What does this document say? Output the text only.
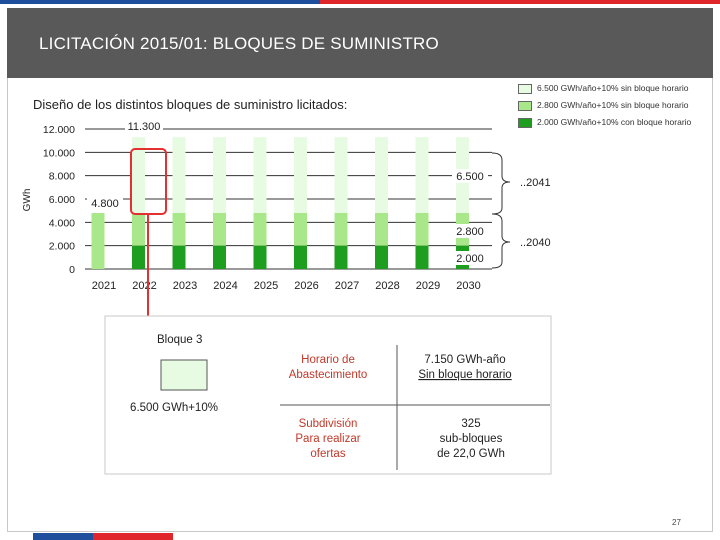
LICITACIÓN 2015/01: BLOQUES DE SUMINISTRO
Diseño de los distintos bloques de suministro licitados:
6.500 GWh/año+10% sin bloque horario
2.800 GWh/año+10% sin bloque horario
2.000 GWh/año+10% con bloque horario
0
2.000
4.000
6.000
8.000
10.000
12.000
2021 2022 2023 2024 2025 2026 2027 2028 2029 2030
GWh
11.300
4.800
6.500
2.800
2.000
..2041
..2040
Bloque 3
6.500 GWh+10%
Horario de Abastecimiento
7.150 GWh-año Sin bloque horario
Subdivisión Para realizar ofertas
325 sub-bloques de 22,0 GWh
27
